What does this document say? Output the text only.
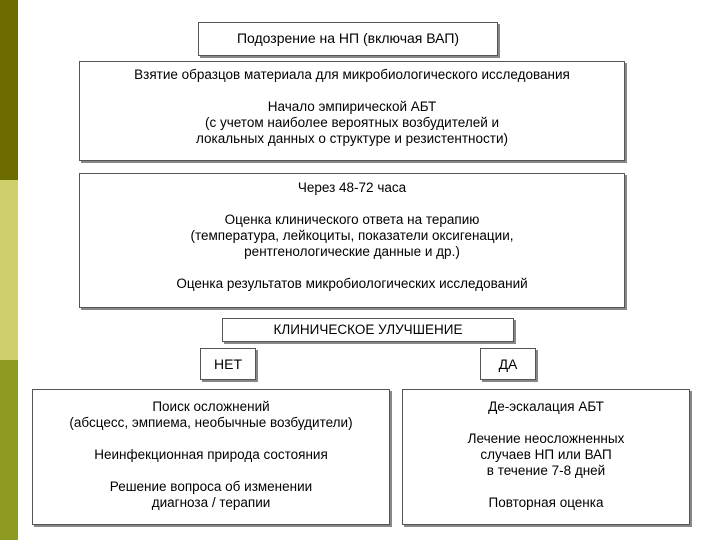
Подозрение на НП (включая ВАП)
Взятие образцов материала для микробиологического исследования
Начало эмпирической АБТ
(с учетом наиболее вероятных возбудителей и
локальных данных о структуре и резистентности)
Через 48-72 часа
Оценка клинического ответа на терапию
(температура, лейкоциты, показатели оксигенации,
рентгенологические данные и др.)
Оценка результатов микробиологических исследований
КЛИНИЧЕСКОЕ УЛУЧШЕНИЕ
НЕТ	ДА
Поиск осложнений
(абсцесс, эмпиема, необычные возбудители)
Неинфекционная природа состояния
Решение вопроса об изменении
диагноза / терапии
Де-эскалация АБТ
Лечение неосложненных
случаев НП или ВАП
в течение 7-8 дней
Повторная оценка
